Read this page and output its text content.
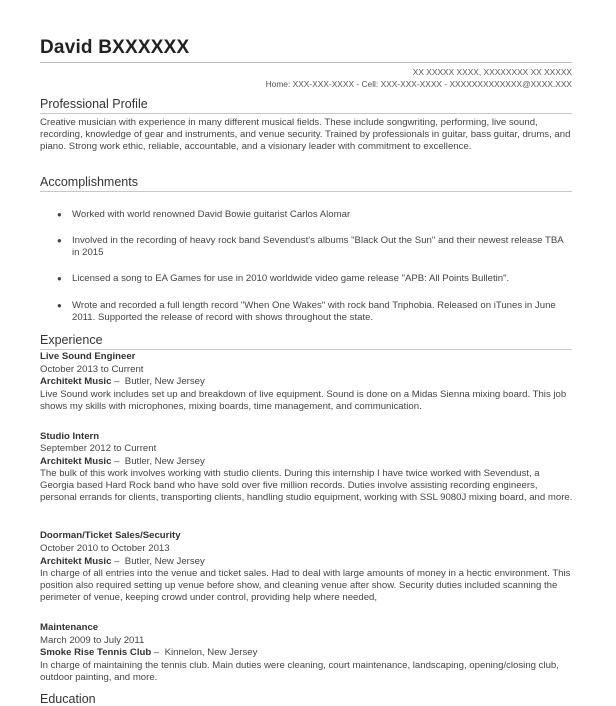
David BXXXXXX
XX XXXXX XXXX, XXXXXXXX XX XXXXX
Home: XXX-XXX-XXXX - Cell: XXX-XXX-XXXX - XXXXXXXXXXXXX@XXXX.XXX
Professional Profile
Creative musician with experience in many different musical fields. These include songwriting, performing, live sound, recording, knowledge of gear and instruments, and venue security. Trained by professionals in guitar, bass guitar, drums, and piano. Strong work ethic, reliable, accountable, and a visionary leader with commitment to excellence.
Accomplishments
● Worked with world renowned David Bowie guitarist Carlos Alomar
● Involved in the recording of heavy rock band Sevendust's albums "Black Out the Sun" and their newest release TBA in 2015
● Licensed a song to EA Games for use in 2010 worldwide video game release "APB: All Points Bulletin".
● Wrote and recorded a full length record "When One Wakes" with rock band Triphobia. Released on iTunes in June 2011. Supported the release of record with shows throughout the state.
Experience
Live Sound Engineer
October 2013 to Current
Architekt Music –  Butler, New Jersey
Live Sound work includes set up and breakdown of live equipment. Sound is done on a Midas Sienna mixing board. This job shows my skills with microphones, mixing boards, time management, and communication.
Studio Intern
September 2012 to Current
Architekt Music –  Butler, New Jersey
The bulk of this work involves working with studio clients. During this internship I have twice worked with Sevendust, a Georgia based Hard Rock band who have sold over five million records. Duties involve assisting recording engineers, personal errands for clients, transporting clients, handling studio equipment, working with SSL 9080J mixing board, and more.
Doorman/Ticket Sales/Security
October 2010 to October 2013
Architekt Music –  Butler, New Jersey
In charge of all entries into the venue and ticket sales. Had to deal with large amounts of money in a hectic environment. This position also required setting up venue before show, and cleaning venue after show. Security duties included scanning the perimeter of venue, keeping crowd under control, providing help where needed,
Maintenance
March 2009 to July 2011
Smoke Rise Tennis Club –  Kinnelon, New Jersey
In charge of maintaining the tennis club. Main duties were cleaning, court maintenance, landscaping, opening/closing club, outdoor painting, and more.
Education
